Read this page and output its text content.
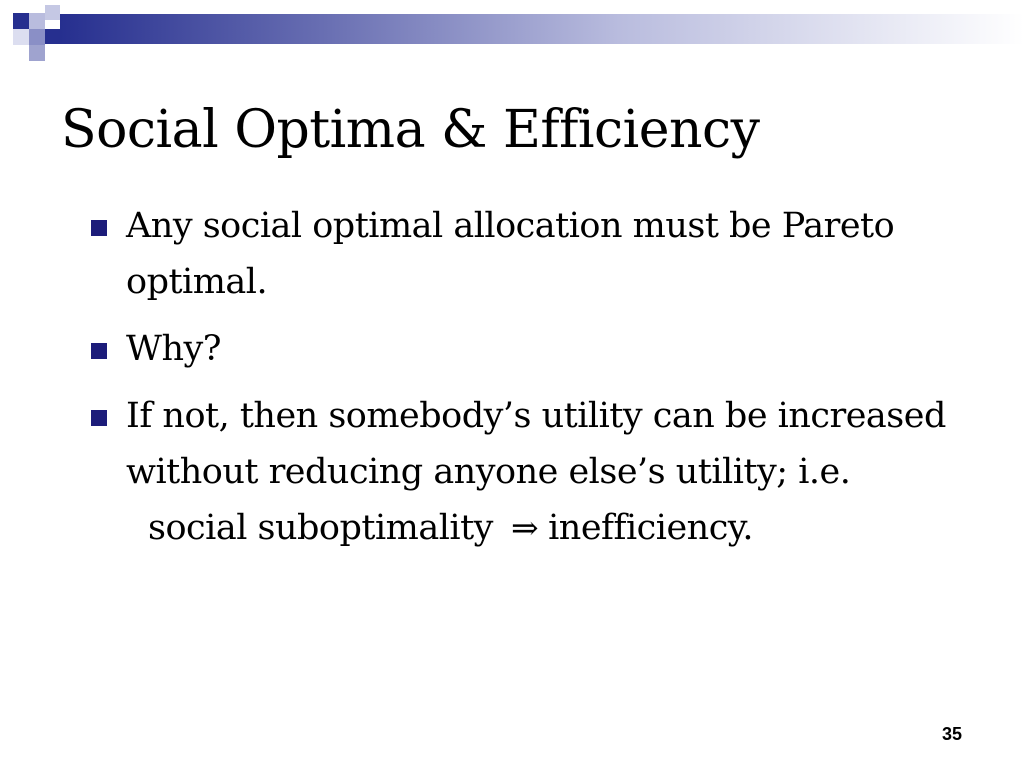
Social Optima & Efficiency
Any social optimal allocation must be Pareto optimal.
Why?
If not, then somebody’s utility can be increased without reducing anyone else’s utility; i.e.
social suboptimality ⇒ inefficiency.
35
